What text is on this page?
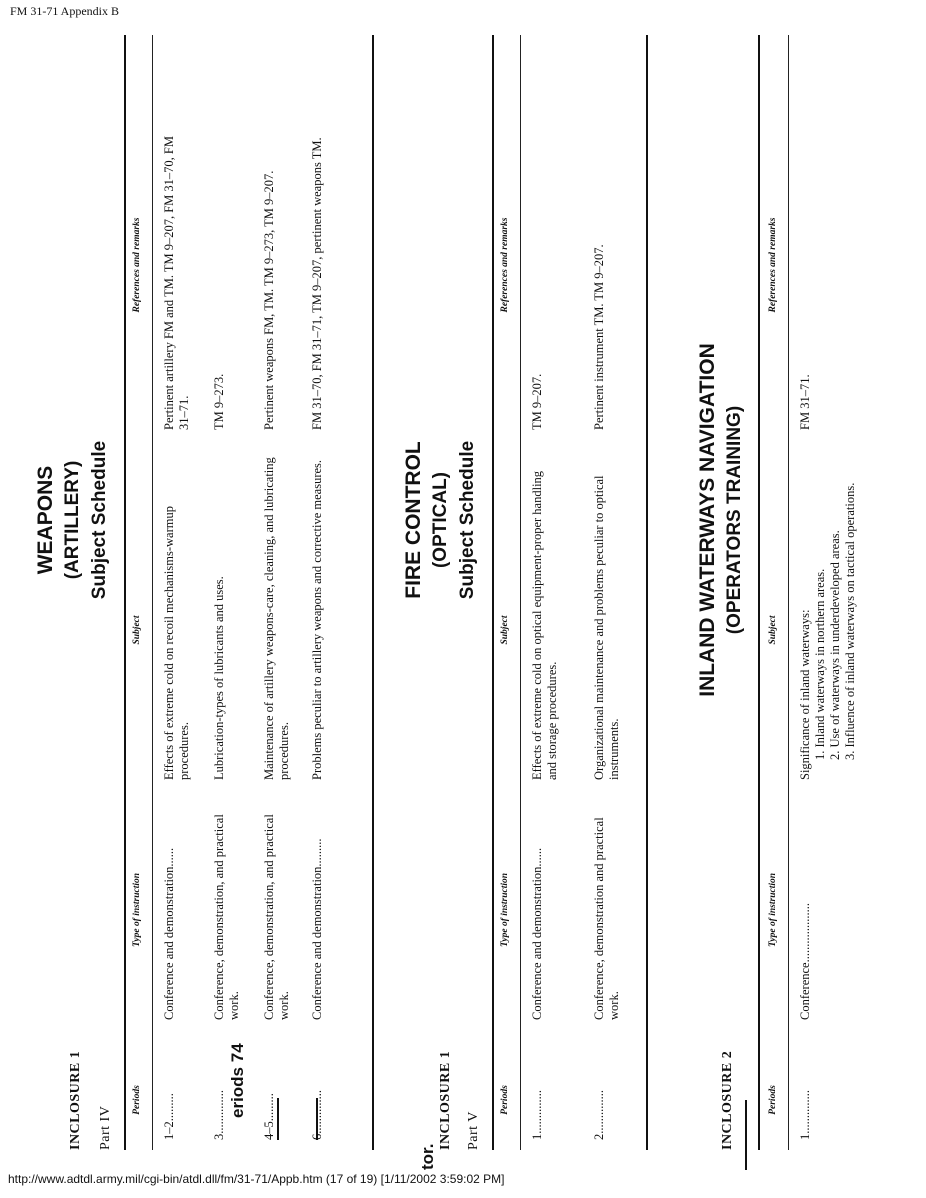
FM 31-71 Appendix B
eriods 74
tor.
INCLOSURE 1 Part IV
WEAPONS (ARTILLERY) Subject Schedule
Periods
Type of instruction
Subject
References and remarks
1–2.........
Conference and demonstration......
Effects of extreme cold on recoil mechanisms-warmup procedures.
Pertinent artillery FM and TM. TM 9–207, FM 31–70, FM 31–71.
3..............
Conference, demonstration, and practical work.
Lubrication-types of lubricants and uses.
TM 9–273.
4–5.........
Conference, demonstration, and practical work.
Maintenance of artillery weapons-care, cleaning, and lubricating procedures.
Pertinent weapons FM, TM. TM 9–273, TM 9–207.
6..............
Conference and demonstration.........
Problems peculiar to artillery weapons and corrective measures.
FM 31–70, FM 31–71, TM 9–207, pertinent weapons TM.
INCLOSURE 1 Part V
FIRE CONTROL (OPTICAL) Subject Schedule
Periods
Type of instruction
Subject
References and remarks
1..............
Conference and demonstration......
Effects of extreme cold on optical equipment-proper handling and storage procedures.
TM 9–207.
2..............
Conference, demonstration and practical work.
Organizational maintenance and problems peculiar to optical instruments.
Pertinent instrument TM. TM 9–207.
INCLOSURE 2
INLAND WATERWAYS NAVIGATION (OPERATORS TRAINING)
Periods
Type of instruction
Subject
References and remarks
1..............
Conference...................
Significance of inland waterways: 1. Inland waterways in northern areas. 2. Use of waterways in underdeveloped areas. 3. Influence of inland waterways on tactical operations.
FM 31–71.
http://www.adtdl.army.mil/cgi-bin/atdl.dll/fm/31-71/Appb.htm (17 of 19) [1/11/2002 3:59:02 PM]
